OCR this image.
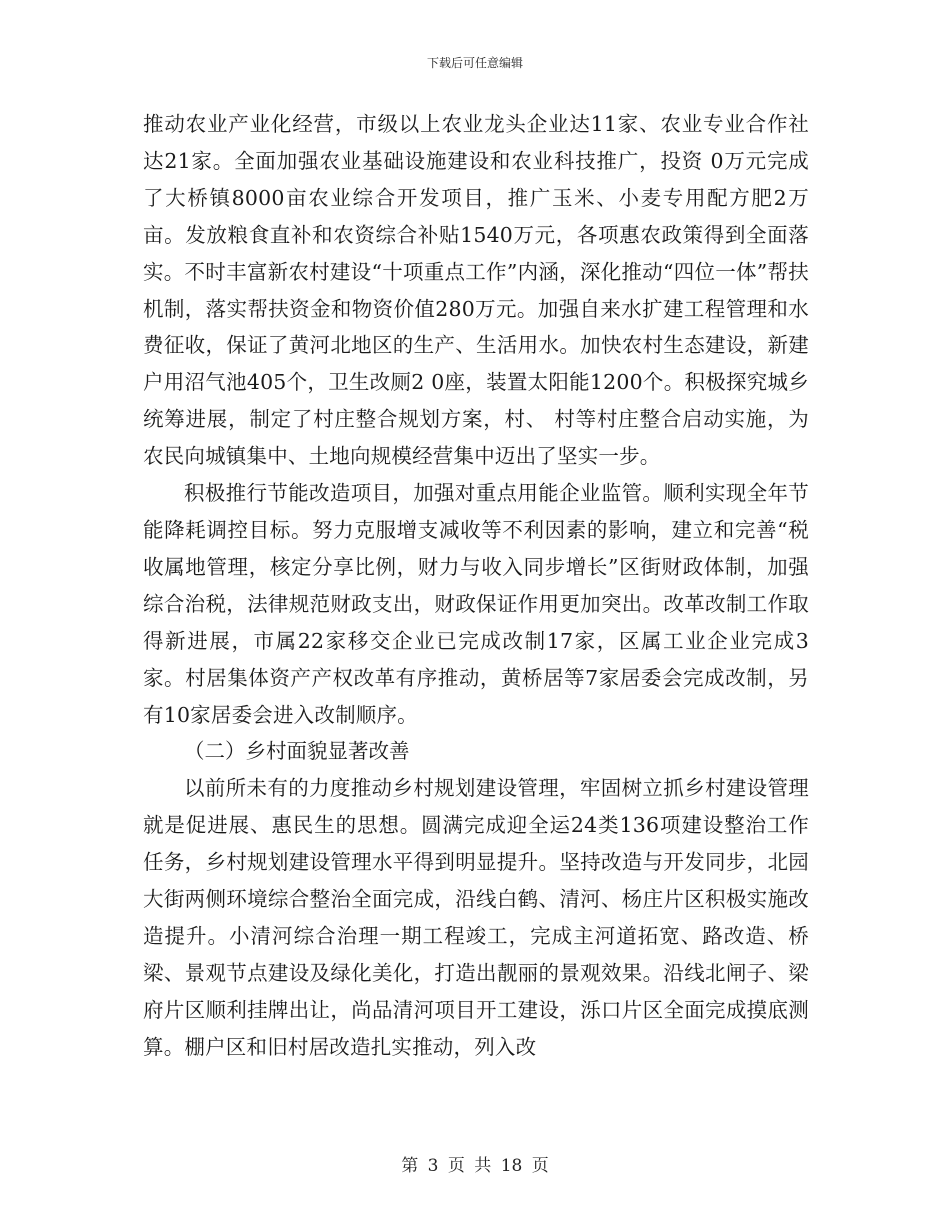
下载后可任意编辑

推动农业产业化经营，市级以上农业龙头企业达11家、农业专业合作社达21家。全面加强农业基础设施建设和农业科技推广，投资 0万元完成了大桥镇8000亩农业综合开发项目，推广玉米、小麦专用配方肥2万亩。发放粮食直补和农资综合补贴1540万元，各项惠农政策得到全面落实。不时丰富新农村建设“十项重点工作”内涵，深化推动“四位一体”帮扶机制，落实帮扶资金和物资价值280万元。加强自来水扩建工程管理和水费征收，保证了黄河北地区的生产、生活用水。加快农村生态建设，新建户用沼气池405个，卫生改厕2 0座，装置太阳能1200个。积极探究城乡统筹进展，制定了村庄整合规划方案，村、 村等村庄整合启动实施，为农民向城镇集中、土地向规模经营集中迈出了坚实一步。

积极推行节能改造项目，加强对重点用能企业监管。顺利实现全年节能降耗调控目标。努力克服增支减收等不利因素的影响，建立和完善“税收属地管理，核定分享比例，财力与收入同步增长”区街财政体制，加强综合治税，法律规范财政支出，财政保证作用更加突出。改革改制工作取得新进展，市属22家移交企业已完成改制17家，区属工业企业完成3家。村居集体资产产权改革有序推动，黄桥居等7家居委会完成改制，另有10家居委会进入改制顺序。

（二）乡村面貌显著改善

以前所未有的力度推动乡村规划建设管理，牢固树立抓乡村建设管理就是促进展、惠民生的思想。圆满完成迎全运24类136项建设整治工作任务，乡村规划建设管理水平得到明显提升。坚持改造与开发同步，北园大街两侧环境综合整治全面完成，沿线白鹤、清河、杨庄片区积极实施改造提升。小清河综合治理一期工程竣工，完成主河道拓宽、路改造、桥梁、景观节点建设及绿化美化，打造出靓丽的景观效果。沿线北闸子、梁府片区顺利挂牌出让，尚品清河项目开工建设，泺口片区全面完成摸底测算。棚户区和旧村居改造扎实推动，列入改

第 3 页 共 18 页
